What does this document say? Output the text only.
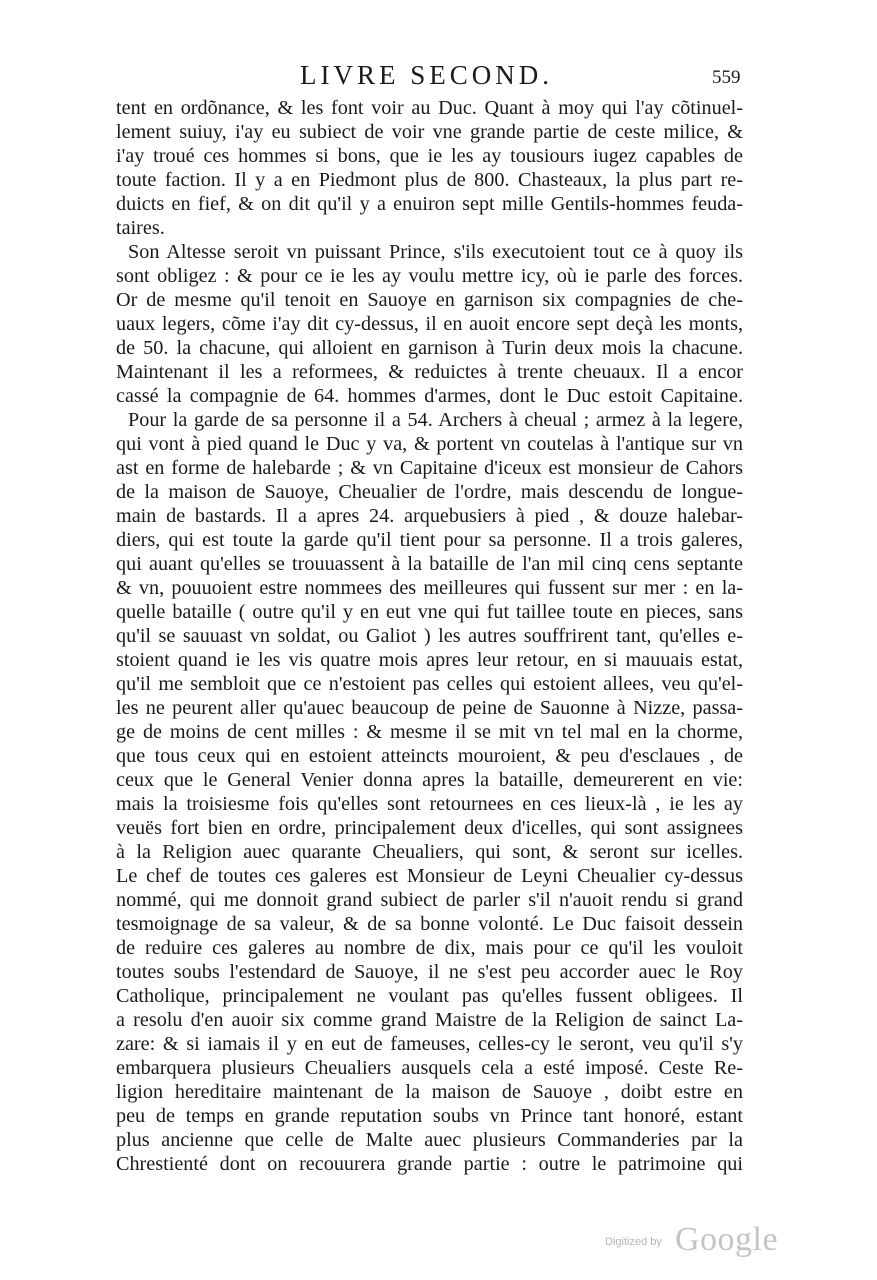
LIVRE SECOND.	559
tent en ordõnance, & les font voir au Duc. Quant à moy qui l'ay cõtinuel-
lement suiuy, i'ay eu subiect de voir vne grande partie de ceste milice, &
i'ay troué ces hommes si bons, que ie les ay tousiours iugez capables de
toute faction. Il y a en Piedmont plus de 800. Chasteaux, la plus part re-
duicts en fief, & on dit qu'il y a enuiron sept mille Gentils-hommes feuda-
taires.
Son Altesse seroit vn puissant Prince, s'ils executoient tout ce à quoy ils
sont obligez : & pour ce ie les ay voulu mettre icy, où ie parle des forces.
Or de mesme qu'il tenoit en Sauoye en garnison six compagnies de che-
uaux legers, cõme i'ay dit cy-dessus, il en auoit encore sept deçà les monts,
de 50. la chacune, qui alloient en garnison à Turin deux mois la chacune.
Maintenant il les a reformees, & reduictes à trente cheuaux. Il a encor
cassé la compagnie de 64. hommes d'armes, dont le Duc estoit Capitaine.
Pour la garde de sa personne il a 54. Archers à cheual ; armez à la legere,
qui vont à pied quand le Duc y va, & portent vn coutelas à l'antique sur vn
ast en forme de halebarde ; & vn Capitaine d'iceux est monsieur de Cahors
de la maison de Sauoye, Cheualier de l'ordre, mais descendu de longue-
main de bastards. Il a apres 24. arquebusiers à pied , & douze halebar-
diers, qui est toute la garde qu'il tient pour sa personne. Il a trois galeres,
qui auant qu'elles se trouuassent à la bataille de l'an mil cinq cens septante
& vn, pouuoient estre nommees des meilleures qui fussent sur mer : en la-
quelle bataille ( outre qu'il y en eut vne qui fut taillee toute en pieces, sans
qu'il se sauuast vn soldat, ou Galiot ) les autres souffrirent tant, qu'elles e-
stoient quand ie les vis quatre mois apres leur retour, en si mauuais estat,
qu'il me sembloit que ce n'estoient pas celles qui estoient allees, veu qu'el-
les ne peurent aller qu'auec beaucoup de peine de Sauonne à Nizze, passa-
ge de moins de cent milles : & mesme il se mit vn tel mal en la chorme,
que tous ceux qui en estoient atteincts mouroient, & peu d'esclaues , de
ceux que le General Venier donna apres la bataille, demeurerent en vie:
mais la troisiesme fois qu'elles sont retournees en ces lieux-là , ie les ay
veuës fort bien en ordre, principalement deux d'icelles, qui sont assignees
à la Religion auec quarante Cheualiers, qui sont, & seront sur icelles.
Le chef de toutes ces galeres est Monsieur de Leyni Cheualier cy-dessus
nommé, qui me donnoit grand subiect de parler s'il n'auoit rendu si grand
tesmoignage de sa valeur, & de sa bonne volonté. Le Duc faisoit dessein
de reduire ces galeres au nombre de dix, mais pour ce qu'il les vouloit
toutes soubs l'estendard de Sauoye, il ne s'est peu accorder auec le Roy
Catholique, principalement ne voulant pas qu'elles fussent obligees. Il
a resolu d'en auoir six comme grand Maistre de la Religion de sainct La-
zare: & si iamais il y en eut de fameuses, celles-cy le seront, veu qu'il s'y
embarquera plusieurs Cheualiers ausquels cela a esté imposé. Ceste Re-
ligion hereditaire maintenant de la maison de Sauoye , doibt estre en
peu de temps en grande reputation soubs vn Prince tant honoré, estant
plus ancienne que celle de Malte auec plusieurs Commanderies par la
Chrestienté dont on recouurera grande partie : outre le patrimoine qui
Digitized by Google
